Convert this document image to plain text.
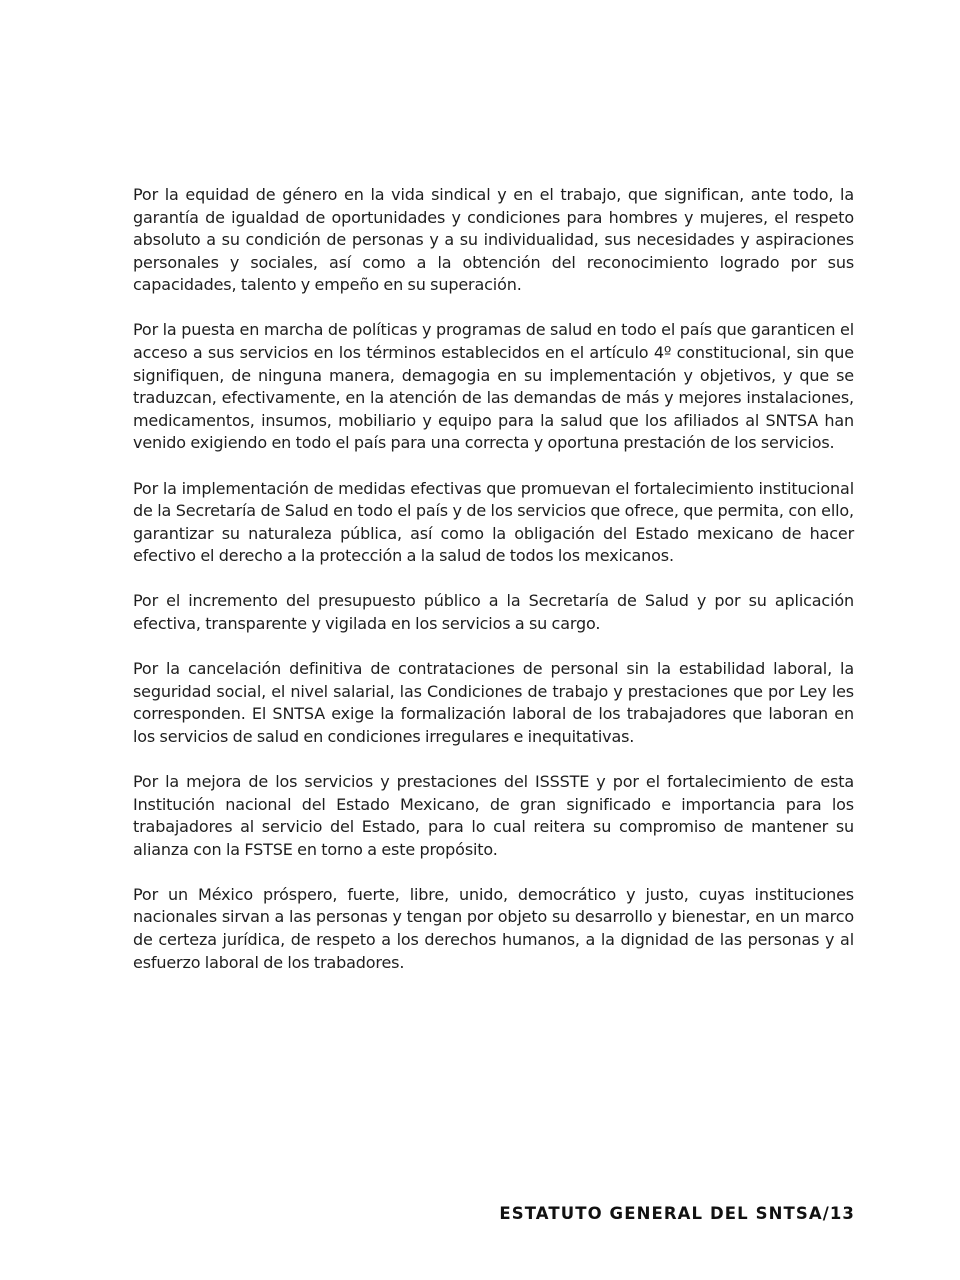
Por la equidad de género en la vida sindical y en el trabajo, que significan, ante todo, la garantía de igualdad de oportunidades y condiciones para hombres y mujeres, el respeto absoluto a su condición de personas y a su individualidad, sus necesidades y aspiraciones personales y sociales, así como a la obtención del reconocimiento logrado por sus capacidades, talento y empeño en su superación.

Por la puesta en marcha de políticas y programas de salud en todo el país que garanticen el acceso a sus servicios en los términos establecidos en el artículo 4º constitucional, sin que signifiquen, de ninguna manera, demagogia en su implementación y objetivos, y que se traduzcan, efectivamente, en la atención de las demandas de más y mejores instalaciones, medicamentos, insumos, mobiliario y equipo para la salud que los afiliados al SNTSA han venido exigiendo en todo el país para una correcta y oportuna prestación de los servicios.

Por la implementación de medidas efectivas que promuevan el fortalecimiento institucional de la Secretaría de Salud en todo el país y de los servicios que ofrece, que permita, con ello, garantizar su naturaleza pública, así como la obligación del Estado mexicano de hacer efectivo el derecho a la protección a la salud de todos los mexicanos.

Por el incremento del presupuesto público a la Secretaría de Salud y por su aplicación efectiva, transparente y vigilada en los servicios a su cargo.

Por la cancelación definitiva de contrataciones de personal sin la estabilidad laboral, la seguridad social, el nivel salarial, las Condiciones de trabajo y prestaciones que por Ley les corresponden. El SNTSA exige la formalización laboral de los trabajadores que laboran en los servicios de salud en condiciones irregulares e inequitativas.

Por la mejora de los servicios y prestaciones del ISSSTE y por el fortalecimiento de esta Institución nacional del Estado Mexicano, de gran significado e importancia para los trabajadores al servicio del Estado, para lo cual reitera su compromiso de mantener su alianza con la FSTSE en torno a este propósito.

Por un México próspero, fuerte, libre, unido, democrático y justo, cuyas instituciones nacionales sirvan a las personas y tengan por objeto su desarrollo y bienestar, en un marco de certeza jurídica, de respeto a los derechos humanos, a la dignidad de las personas y al esfuerzo laboral de los trabadores.

ESTATUTO GENERAL DEL SNTSA/13
